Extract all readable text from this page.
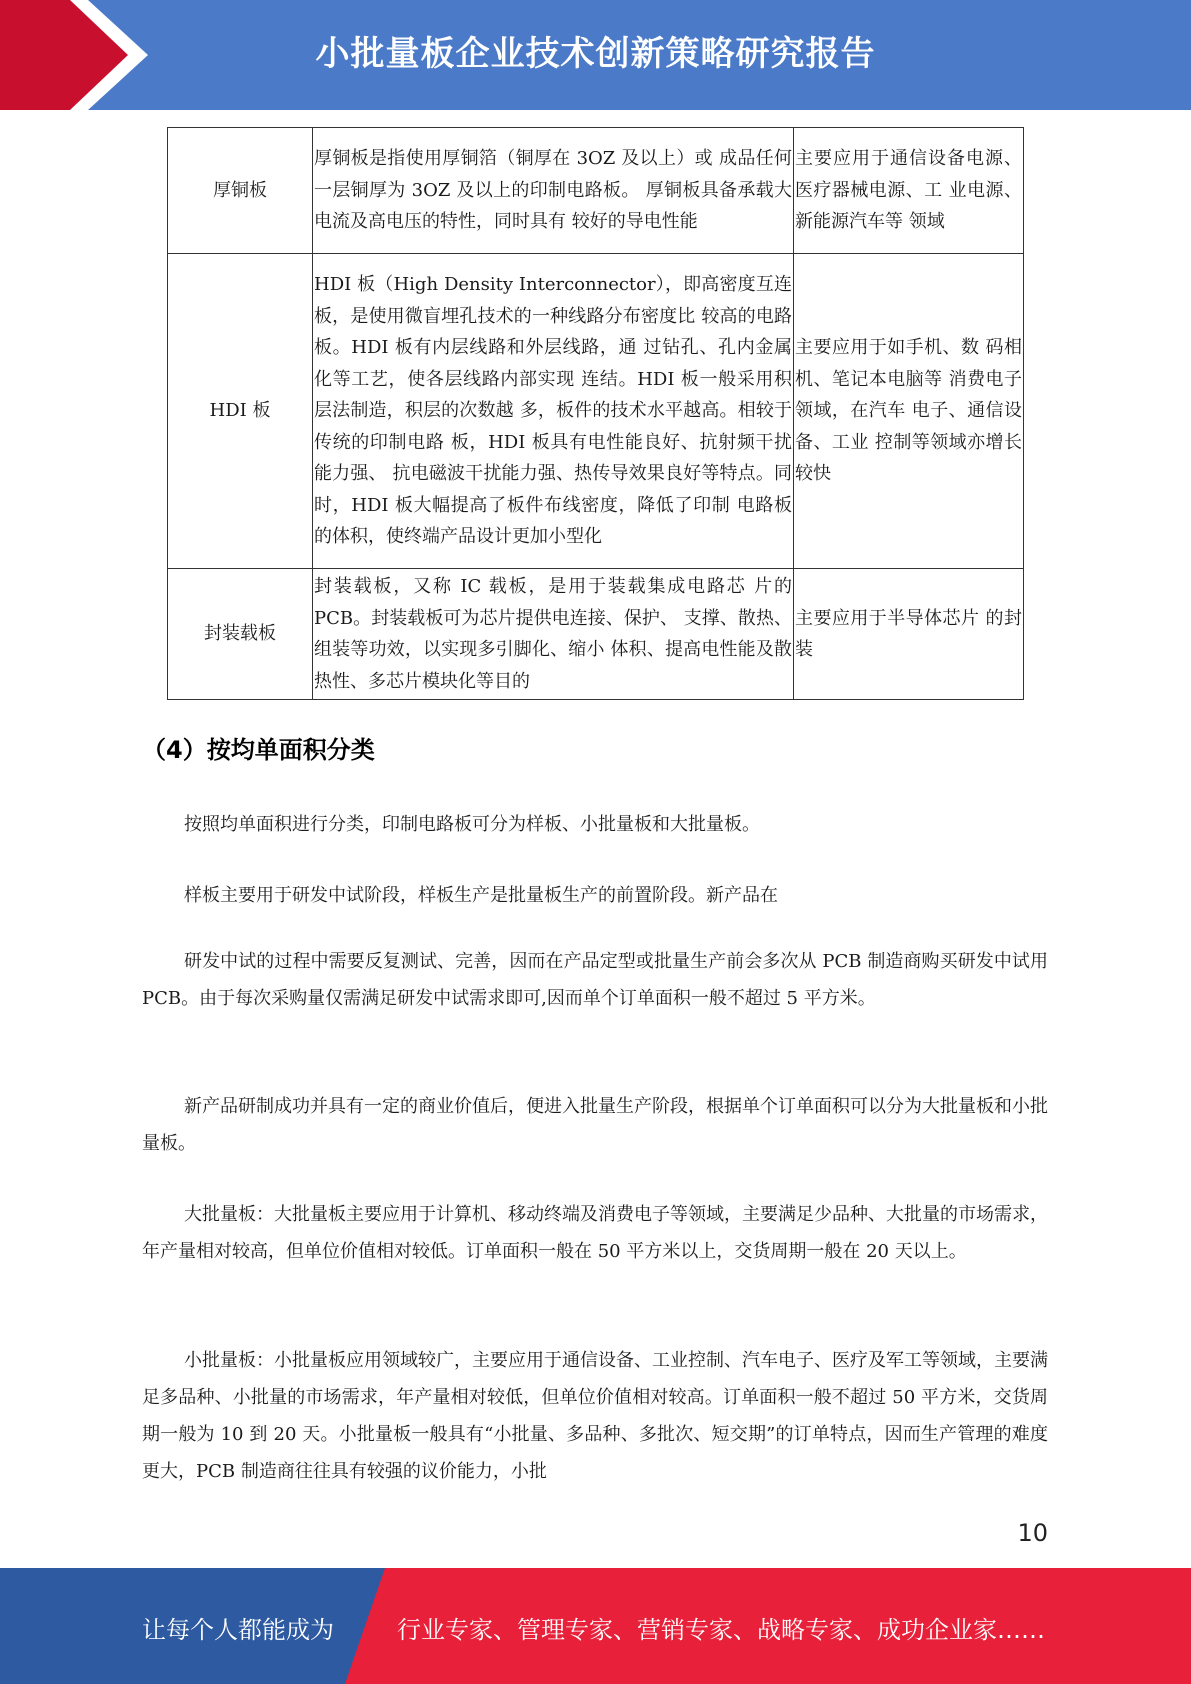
小批量板企业技术创新策略研究报告
厚铜板	厚铜板是指使用厚铜箔（铜厚在 3OZ 及以上）或 成品任何一层铜厚为 3OZ 及以上的印制电路板。 厚铜板具备承载大电流及高电压的特性，同时具有 较好的导电性能	主要应用于通信设备电源、医疗器械电源、工 业电源、新能源汽车等 领域
HDI 板	HDI 板（High Density Interconnector），即高密度互连板，是使用微盲埋孔技术的一种线路分布密度比 较高的电路板。HDI 板有内层线路和外层线路，通 过钻孔、孔内金属化等工艺，使各层线路内部实现 连结。HDI 板一般采用积层法制造，积层的次数越 多，板件的技术水平越高。相较于传统的印制电路 板，HDI 板具有电性能良好、抗射频干扰能力强、 抗电磁波干扰能力强、热传导效果良好等特点。同 时，HDI 板大幅提高了板件布线密度，降低了印制 电路板的体积，使终端产品设计更加小型化	主要应用于如手机、数 码相机、笔记本电脑等 消费电子领域，在汽车 电子、通信设备、工业 控制等领域亦增长较快
封装载板	封装载板，又称 IC 载板，是用于装载集成电路芯 片的 PCB。封装载板可为芯片提供电连接、保护、 支撑、散热、组装等功效，以实现多引脚化、缩小 体积、提高电性能及散热性、多芯片模块化等目的	主要应用于半导体芯片 的封装
（4）按均单面积分类

按照均单面积进行分类，印制电路板可分为样板、小批量板和大批量板。

样板主要用于研发中试阶段，样板生产是批量板生产的前置阶段。新产品在

研发中试的过程中需要反复测试、完善，因而在产品定型或批量生产前会多次从 PCB 制造商购买研发中试用 PCB。由于每次采购量仅需满足研发中试需求即可,因而单个订单面积一般不超过 5 平方米。

新产品研制成功并具有一定的商业价值后，便进入批量生产阶段，根据单个订单面积可以分为大批量板和小批量板。

大批量板：大批量板主要应用于计算机、移动终端及消费电子等领域，主要满足少品种、大批量的市场需求，年产量相对较高，但单位价值相对较低。订单面积一般在 50 平方米以上，交货周期一般在 20 天以上。

小批量板：小批量板应用领域较广，主要应用于通信设备、工业控制、汽车电子、医疗及军工等领域，主要满足多品种、小批量的市场需求，年产量相对较低，但单位价值相对较高。订单面积一般不超过 50 平方米，交货周期一般为 10 到 20 天。小批量板一般具有“小批量、多品种、多批次、短交期”的订单特点，因而生产管理的难度更大，PCB 制造商往往具有较强的议价能力，小批

10
让每个人都能成为	行业专家、管理专家、营销专家、战略专家、成功企业家……
